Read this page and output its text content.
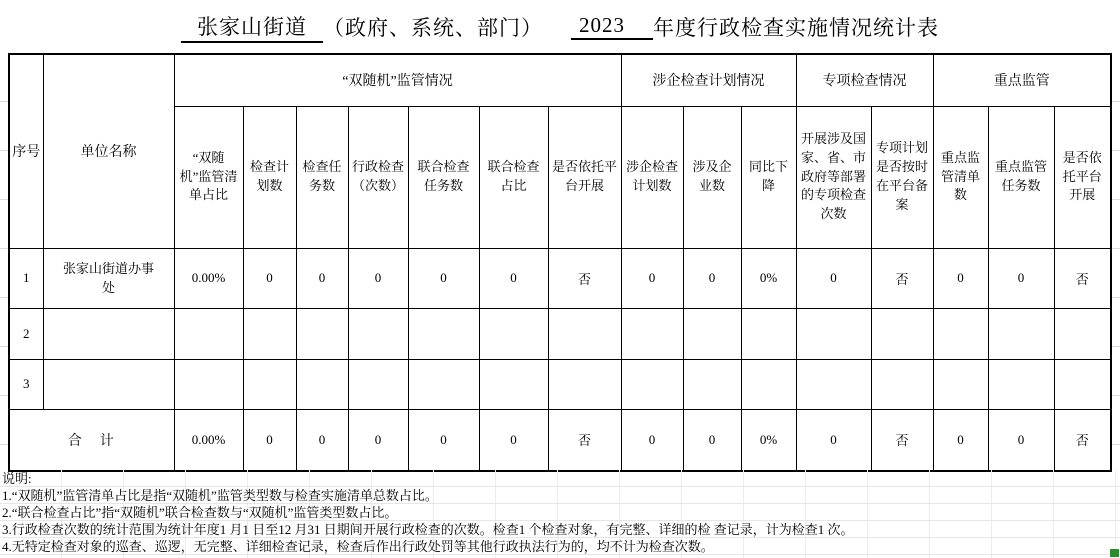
张家山街道 （政府、系统、部门）	2023	年度行政检查实施情况统计表
序号	单位名称	“双随机”监管情况							涉企检查计划情况			专项检查情况		重点监管		
		“双随机”监管清单占比	检查计划数	检查任务数	行政检查（次数）	联合检查任务数	联合检查占比	是否依托平台开展	涉企检查计划数	涉及企业数	同比下降	开展涉及国家、省、市政府等部署的专项检查次数	专项计划是否按时在平台备案	重点监管清单数	重点监管任务数	是否依托平台开展
1	张家山街道办事处	0.00%	0	0	0	0	0	否	0	0	0%	0	否	0	0	否
2																
3																
合　计		0.00%	0	0	0	0	0	否	0	0	0%	0	否	0	0	否
说明:
1.“双随机”监管清单占比是指“双随机”监管类型数与检查实施清单总数占比。
2.“联合检查占比”指“双随机”联合检查数与“双随机”监管类型数占比。
3.行政检查次数的统计范围为统计年度1 月1 日至12 月31 日期间开展行政检查的次数。检查1 个检查对象，有完整、详细的检 查记录，计为检查1 次。
4.无特定检查对象的巡查、巡逻，无完整、详细检查记录，检查后作出行政处罚等其他行政执法行为的，均不计为检查次数。
